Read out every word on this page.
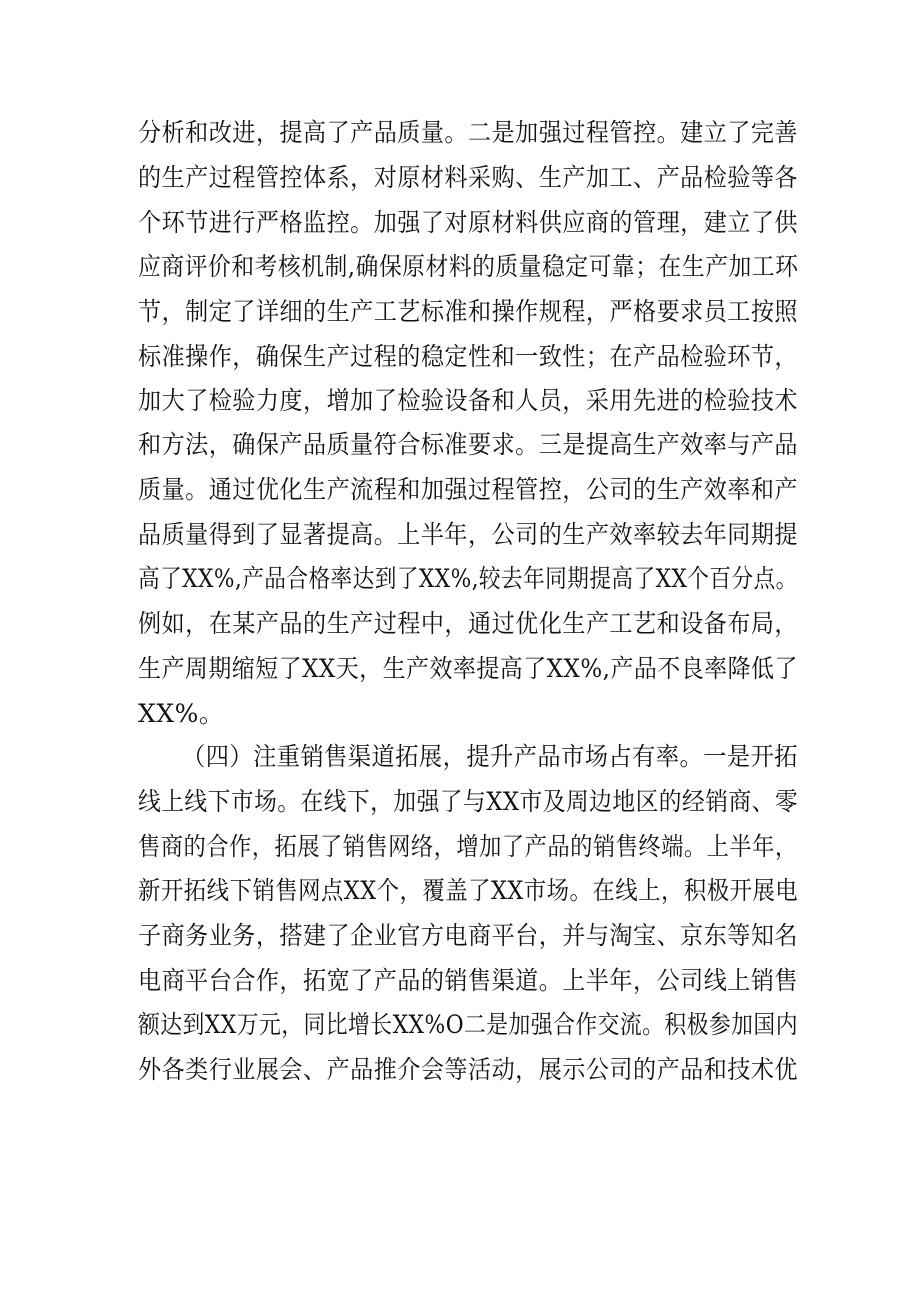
分析和改进，提高了产品质量。二是加强过程管控。建立了完善
的生产过程管控体系，对原材料采购、生产加工、产品检验等各
个环节进行严格监控。加强了对原材料供应商的管理，建立了供
应商评价和考核机制,确保原材料的质量稳定可靠；在生产加工环
节，制定了详细的生产工艺标准和操作规程，严格要求员工按照
标准操作，确保生产过程的稳定性和一致性；在产品检验环节，
加大了检验力度，增加了检验设备和人员，采用先进的检验技术
和方法，确保产品质量符合标准要求。三是提高生产效率与产品
质量。通过优化生产流程和加强过程管控，公司的生产效率和产
品质量得到了显著提高。上半年，公司的生产效率较去年同期提
高了XX%,产品合格率达到了XX%,较去年同期提高了XX个百分点。
例如，在某产品的生产过程中，通过优化生产工艺和设备布局，
生产周期缩短了XX天，生产效率提高了XX%,产品不良率降低了
XX%。
（四）注重销售渠道拓展，提升产品市场占有率。一是开拓
线上线下市场。在线下，加强了与XX市及周边地区的经销商、零
售商的合作，拓展了销售网络，增加了产品的销售终端。上半年，
新开拓线下销售网点XX个，覆盖了XX市场。在线上，积极开展电
子商务业务，搭建了企业官方电商平台，并与淘宝、京东等知名
电商平台合作，拓宽了产品的销售渠道。上半年，公司线上销售
额达到XX万元，同比增长XX%O二是加强合作交流。积极参加国内
外各类行业展会、产品推介会等活动，展示公司的产品和技术优
